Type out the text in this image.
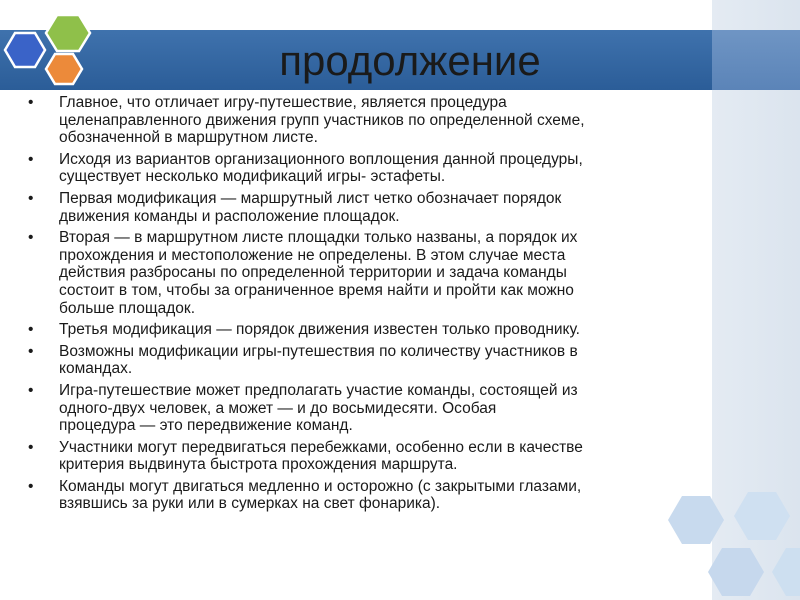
продолжение
•	Главное, что отличает игру-путешествие, является процедура
целенаправленного движения групп участников по определенной схеме,
обозначенной в маршрутном листе.
•	Исходя из вариантов организационного воплощения данной процедуры,
существует несколько модификаций игры- эстафеты.
•	Первая модификация — маршрутный лист четко обозначает порядок
движения команды и расположение площадок.
•	Вторая — в маршрутном листе площадки только названы, а порядок их
прохождения и местоположение не определены. В этом случае места
действия разбросаны по определенной территории и задача команды
состоит в том, чтобы за ограниченное время найти и пройти как можно
больше площадок.
•	Третья модификация — порядок движения известен только проводнику.
•	Возможны модификации игры-путешествия по количеству участников в
командах.
•	Игра-путешествие может предполагать участие команды, состоящей из
одного-двух человек, а может — и до восьмидесяти. Особая
процедура — это передвижение команд.
•	Участники могут передвигаться перебежками, особенно если в качестве
критерия выдвинута быстрота прохождения маршрута.
•	Команды могут двигаться медленно и осторожно (с закрытыми глазами,
взявшись за руки или в сумерках на свет фонарика).
